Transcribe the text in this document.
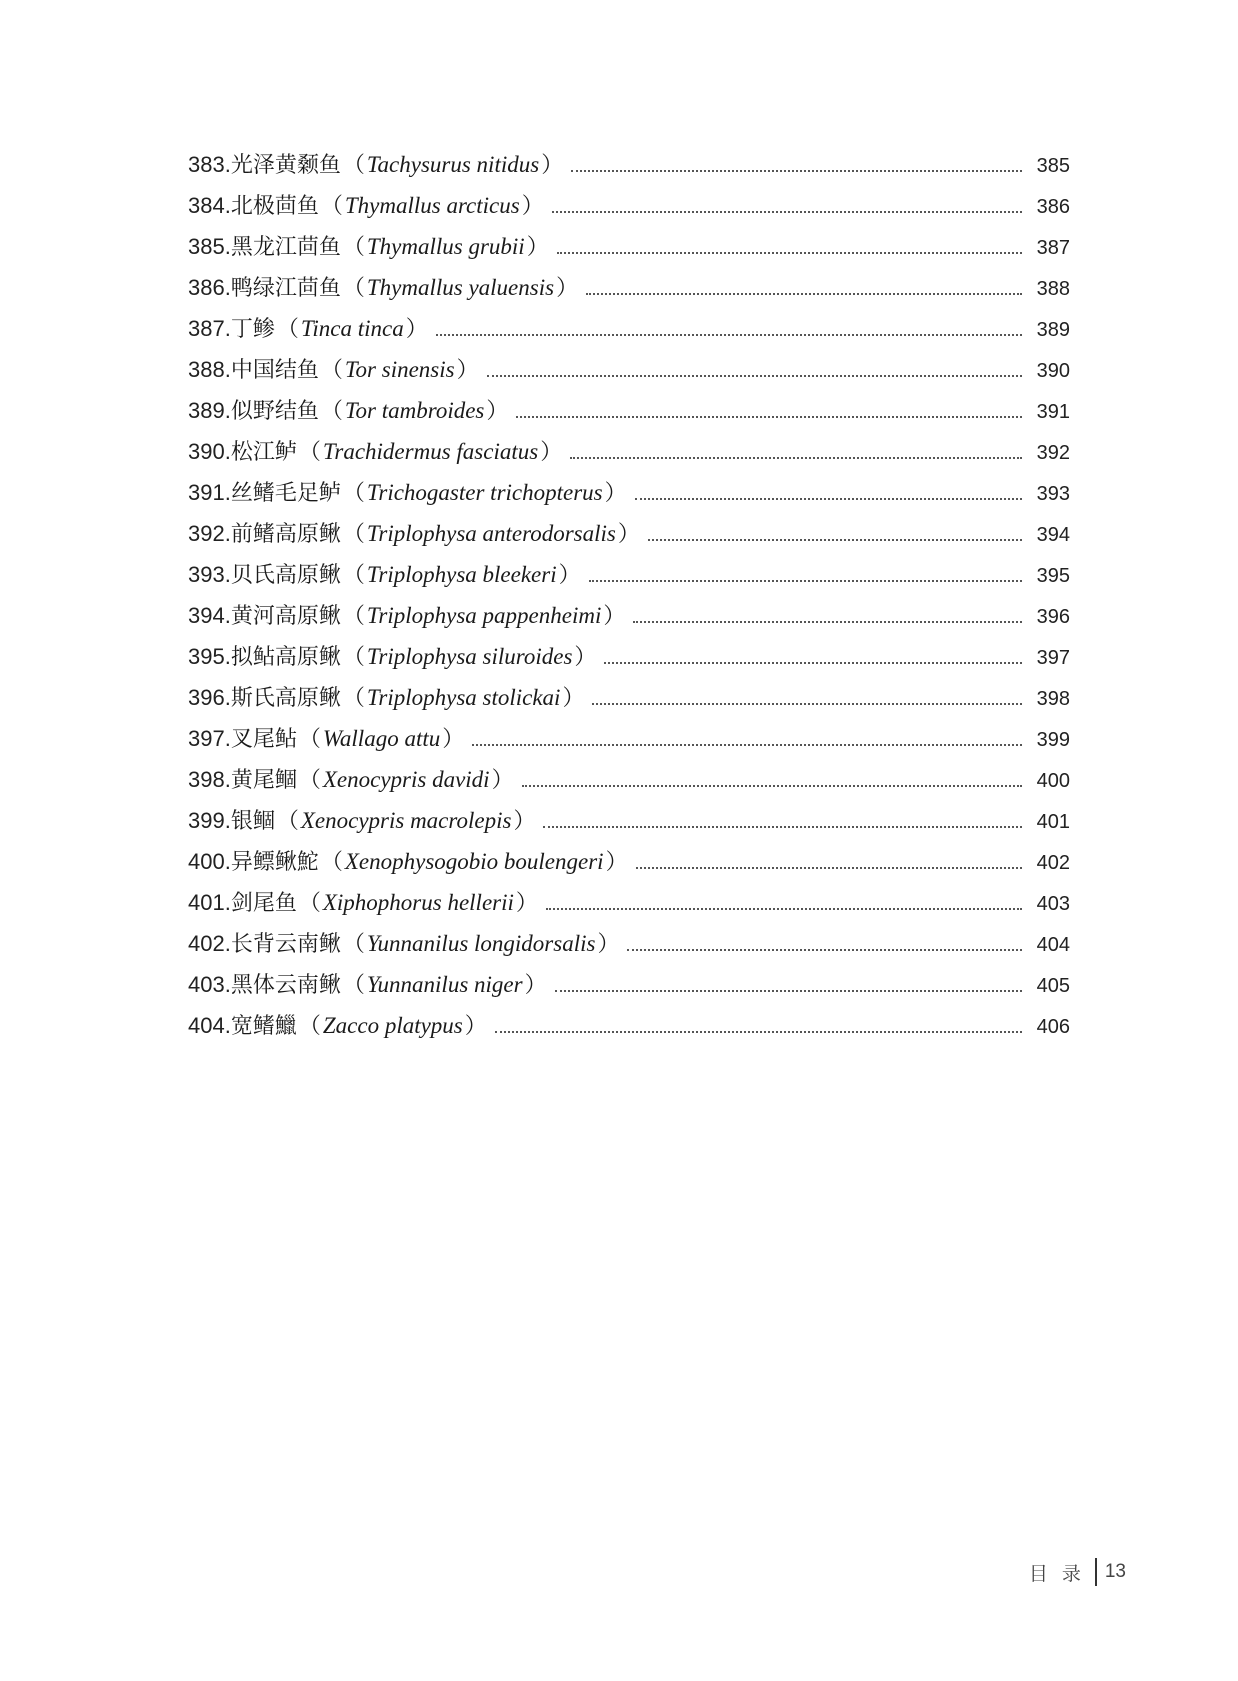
383. 光泽黄颡鱼 （ Tachysurus nitidus ）	385
384. 北极茴鱼 （ Thymallus arcticus ）	386
385. 黑龙江茴鱼 （ Thymallus grubii ）	387
386. 鸭绿江茴鱼 （ Thymallus yaluensis ）	388
387. 丁鲹 （ Tinca tinca ）	389
388. 中国结鱼 （ Tor sinensis ）	390
389. 似野结鱼 （ Tor tambroides ）	391
390. 松江鲈 （ Trachidermus fasciatus ）	392
391. 丝鳍毛足鲈 （ Trichogaster trichopterus ）	393
392. 前鳍高原鳅 （ Triplophysa anterodorsalis ）	394
393. 贝氏高原鳅 （ Triplophysa bleekeri ）	395
394. 黄河高原鳅 （ Triplophysa pappenheimi ）	396
395. 拟鲇高原鳅 （ Triplophysa siluroides ）	397
396. 斯氏高原鳅 （ Triplophysa stolickai ）	398
397. 叉尾鲇 （ Wallago attu ）	399
398. 黄尾鲴 （ Xenocypris davidi ）	400
399. 银鲴 （ Xenocypris macrolepis ）	401
400. 异鳔鳅鮀 （ Xenophysogobio boulengeri ）	402
401. 剑尾鱼 （ Xiphophorus hellerii ）	403
402. 长背云南鳅 （ Yunnanilus longidorsalis ）	404
403. 黑体云南鳅 （ Yunnanilus niger ）	405
404. 宽鳍鱲 （ Zacco platypus ）	406
目录 13
